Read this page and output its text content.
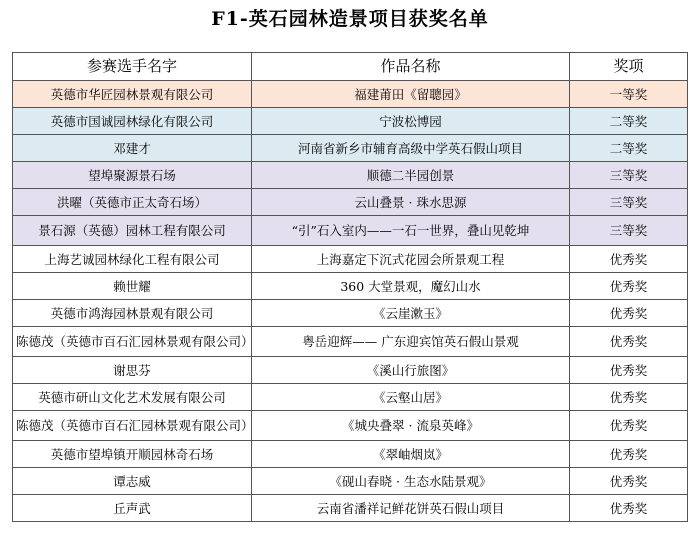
F1-英石园林造景项目获奖名单
参赛选手名字	作品名称	奖项
英德市华匠园林景观有限公司	福建莆田《留聰园》	一等奖
英德市国诚园林绿化有限公司	宁波松博园	二等奖
邓建才	河南省新乡市辅育高级中学英石假山项目	二等奖
望埠聚源景石场	顺德二半园创景	三等奖
洪曜（英德市正太奇石场）	云山叠景 · 珠水思源	三等奖
景石源（英德）园林工程有限公司	“引”石入室内——一石一世界，叠山见乾坤	三等奖
上海艺诚园林绿化工程有限公司	上海嘉定下沉式花园会所景观工程	优秀奖
赖世耀	360 大堂景观，魔幻山水	优秀奖
英德市鸿海园林景观有限公司	《云崖漱玉》	优秀奖
陈德茂（英德市百石汇园林景观有限公司）	粤岳迎辉—— 广东迎宾馆英石假山景观	优秀奖
谢思芬	《溪山行旅图》	优秀奖
英德市研山文化艺术发展有限公司	《云壑山居》	优秀奖
陈德茂（英德市百石汇园林景观有限公司）	《城央叠翠 · 流泉英峰》	优秀奖
英德市望埠镇开顺园林奇石场	《翠岫烟岚》	优秀奖
谭志威	《砚山春晓 · 生态水陆景观》	优秀奖
丘声武	云南省潘祥记鲜花饼英石假山项目	优秀奖
